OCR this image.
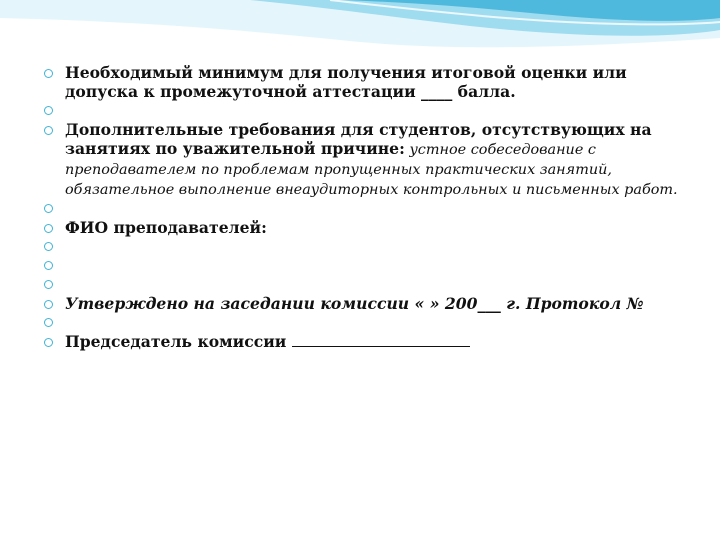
Необходимый минимум для получения итоговой оценки или допуска к промежуточной аттестации ____ балла.
Дополнительные требования для студентов, отсутствующих на занятиях по уважительной причине: устное собеседование с преподавателем по проблемам пропущенных практических занятий, обязательное выполнение внеаудиторных контрольных и письменных работ.
ФИО преподавателей:
Утверждено на заседании комиссии « » 200___ г. Протокол №
Председатель комиссии
